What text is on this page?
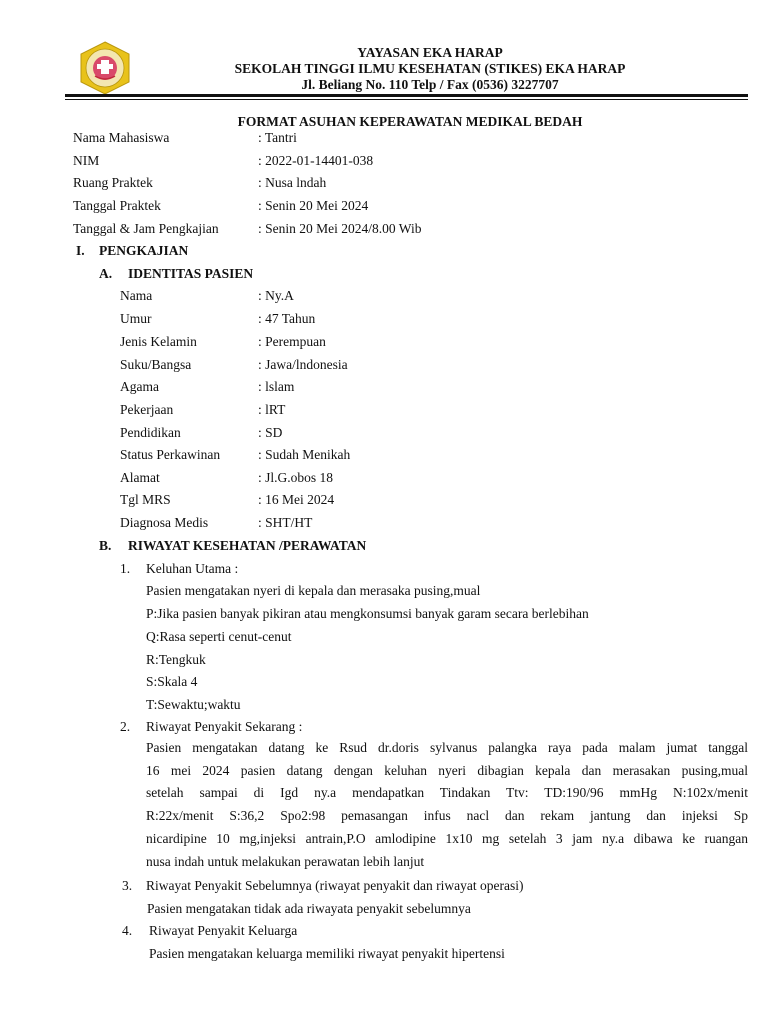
YAYASAN EKA HARAP
SEKOLAH TINGGI ILMU KESEHATAN (STIKES) EKA HARAP
Jl. Beliang No. 110 Telp / Fax (0536) 3227707
FORMAT ASUHAN KEPERAWATAN MEDIKAL BEDAH
Nama Mahasiswa	: Tantri
NIM	: 2022-01-14401-038
Ruang Praktek	: Nusa lndah
Tanggal Praktek	: Senin 20 Mei 2024
Tanggal & Jam Pengkajian	: Senin 20 Mei 2024/8.00 Wib
I. PENGKAJIAN
A. IDENTITAS PASIEN
Nama	: Ny.A
Umur	: 47 Tahun
Jenis Kelamin	: Perempuan
Suku/Bangsa	: Jawa/lndonesia
Agama	: lslam
Pekerjaan	: lRT
Pendidikan	: SD
Status Perkawinan	: Sudah Menikah
Alamat	: Jl.G.obos 18
Tgl MRS	: 16 Mei 2024
Diagnosa Medis	: SHT/HT
B. RIWAYAT KESEHATAN /PERAWATAN
1. Keluhan Utama :
Pasien mengatakan nyeri di kepala dan merasaka pusing,mual
P:Jika pasien banyak pikiran atau mengkonsumsi banyak garam secara berlebihan
Q:Rasa seperti cenut-cenut
R:Tengkuk
S:Skala 4
T:Sewaktu;waktu
2. Riwayat Penyakit Sekarang :
Pasien mengatakan datang ke Rsud dr.doris sylvanus palangka raya pada malam jumat tanggal
16 mei 2024 pasien datang dengan keluhan nyeri dibagian kepala dan merasakan pusing,mual
setelah sampai di Igd ny.a mendapatkan Tindakan Ttv: TD:190/96 mmHg N:102x/menit
R:22x/menit S:36,2 Spo2:98 pemasangan infus nacl dan rekam jantung dan injeksi Sp
nicardipine 10 mg,injeksi antrain,P.O amlodipine 1x10 mg setelah 3 jam ny.a dibawa ke ruangan
nusa indah untuk melakukan perawatan lebih lanjut
3. Riwayat Penyakit Sebelumnya (riwayat penyakit dan riwayat operasi)
Pasien mengatakan tidak ada riwayata penyakit sebelumnya
4. Riwayat Penyakit Keluarga
Pasien mengatakan keluarga memiliki riwayat penyakit hipertensi
